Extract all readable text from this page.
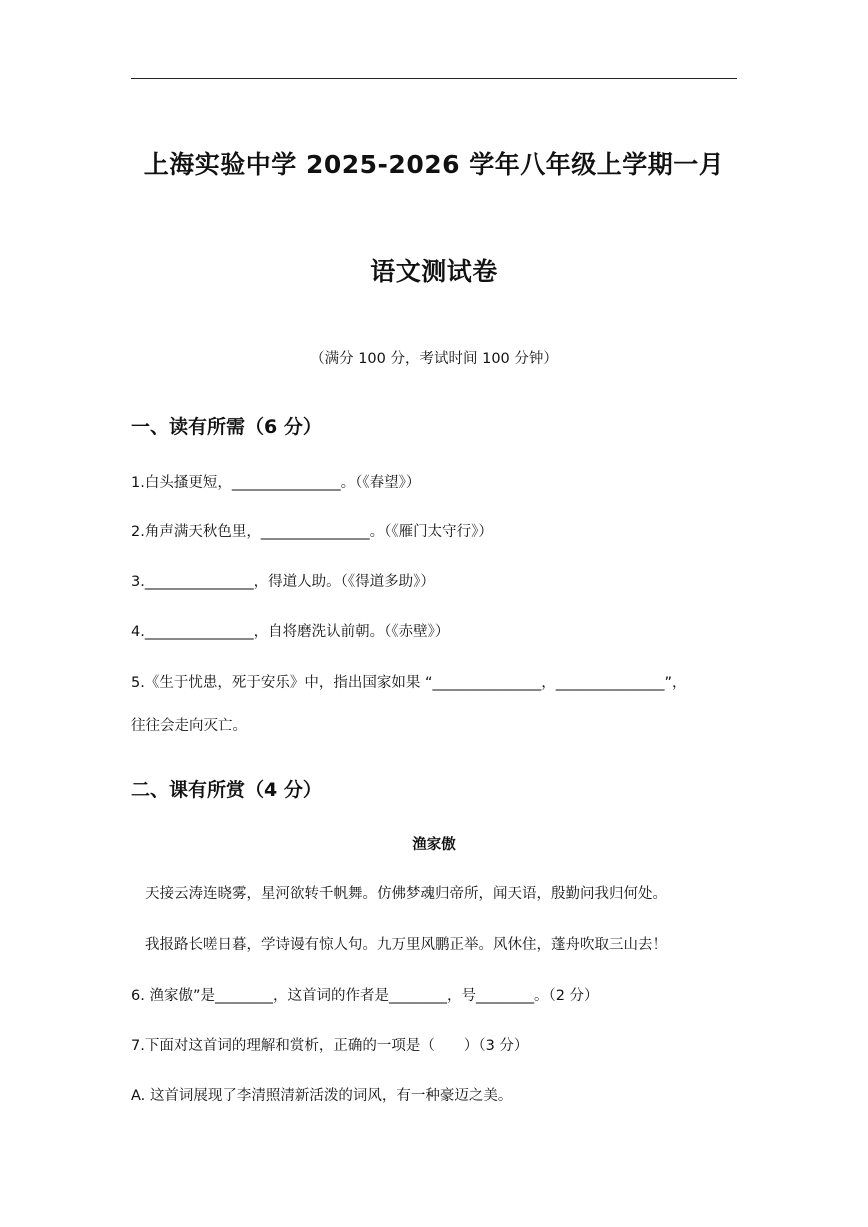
上海实验中学 2025-2026 学年八年级上学期一月
语文测试卷
（满分 100 分，考试时间 100 分钟）
一、读有所需（6 分）
1.白头搔更短，_______________。（《春望》）
2.角声满天秋色里，_______________。（《雁门太守行》）
3._______________，得道人助。（《得道多助》）
4._______________，自将磨洗认前朝。（《赤壁》）
5.《生于忧患，死于安乐》中，指出国家如果 “_______________，_______________”，
往往会走向灭亡。
二、课有所赏（4 分）
渔家傲
天接云涛连晓雾，星河欲转千帆舞。仿佛梦魂归帝所，闻天语，殷勤问我归何处。
我报路长嗟日暮，学诗谩有惊人句。九万里风鹏正举。风休住，蓬舟吹取三山去！
6. 渔家傲”是________，这首词的作者是________，号________。（2 分）
7.下面对这首词的理解和赏析，正确的一项是（　　）（3 分）
A. 这首词展现了李清照清新活泼的词风，有一种豪迈之美。
